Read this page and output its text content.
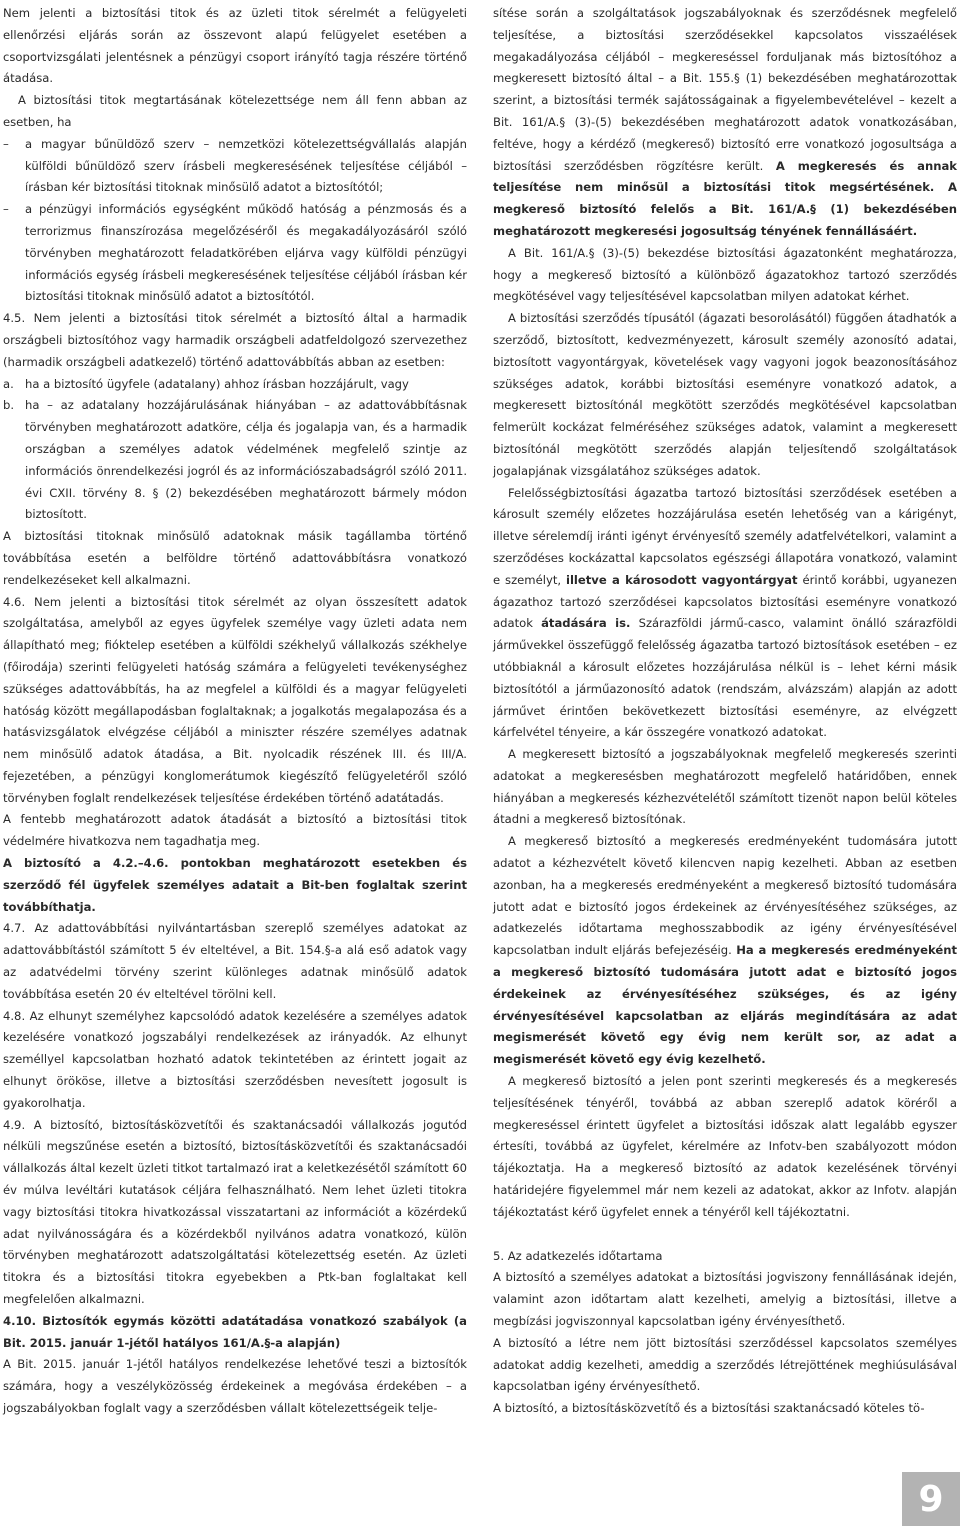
Nem jelenti a biztosítási titok és az üzleti titok sérelmét a felügyeleti ellenőrzési eljárás során az összevont alapú felügyelet esetében a csoportvizsgálati jelentésnek a pénzügyi csoport irányító tagja részére történő átadása.

A biztosítási titok megtartásának kötelezettsége nem áll fenn abban az esetben, ha

– a magyar bűnüldöző szerv – nemzetközi kötelezettségvállalás alapján külföldi bűnüldöző szerv írásbeli megkeresésének teljesítése céljából – írásban kér biztosítási titoknak minősülő adatot a biztosítótól;

– a pénzügyi információs egységként működő hatóság a pénzmosás és a terrorizmus finanszírozása megelőzéséről és megakadályozásáról szóló törvényben meghatározott feladatkörében eljárva vagy külföldi pénzügyi információs egység írásbeli megkeresésének teljesítése céljából írásban kér biztosítási titoknak minősülő adatot a biztosítótól.

4.5. Nem jelenti a biztosítási titok sérelmét a biztosító által a harmadik országbeli biztosítóhoz vagy harmadik országbeli adatfeldolgozó szervezethez (harmadik országbeli adatkezelő) történő adattovábbítás abban az esetben:

a. ha a biztosító ügyfele (adatalany) ahhoz írásban hozzájárult, vagy

b. ha – az adatalany hozzájárulásának hiányában – az adattovábbításnak törvényben meghatározott adatköre, célja és jogalapja van, és a harmadik országban a személyes adatok védelmének megfelelő szintje az információs önrendelkezési jogról és az információszabadságról szóló 2011. évi CXII. törvény 8. § (2) bekezdésében meghatározott bármely módon biztosított.

A biztosítási titoknak minősülő adatoknak másik tagállamba történő továbbítása esetén a belföldre történő adattovábbításra vonatkozó rendelkezéseket kell alkalmazni.

4.6. Nem jelenti a biztosítási titok sérelmét az olyan összesített adatok szolgáltatása, amelyből az egyes ügyfelek személye vagy üzleti adata nem állapítható meg; fióktelep esetében a külföldi székhelyű vállalkozás székhelye (főirodája) szerinti felügyeleti hatóság számára a felügyeleti tevékenységhez szükséges adattovábbítás, ha az megfelel a külföldi és a magyar felügyeleti hatóság között megállapodásban foglaltaknak; a jogalkotás megalapozása és a hatásvizsgálatok elvégzése céljából a miniszter részére személyes adatnak nem minősülő adatok átadása, a Bit. nyolcadik részének III. és III/A. fejezetében, a pénzügyi konglomerátumok kiegészítő felügyeletéről szóló törvényben foglalt rendelkezések teljesítése érdekében történő adatátadás.

A fentebb meghatározott adatok átadását a biztosító a biztosítási titok védelmére hivatkozva nem tagadhatja meg.

A biztosító a 4.2.–4.6. pontokban meghatározott esetekben és szerződő fél ügyfelek személyes adatait a Bit-ben foglaltak szerint továbbíthatja.

4.7. Az adattovábbítási nyilvántartásban szereplő személyes adatokat az adattovábbítástól számított 5 év elteltével, a Bit. 154.§-a alá eső adatok vagy az adatvédelmi törvény szerint különleges adatnak minősülő adatok továbbítása esetén 20 év elteltével törölni kell.

4.8. Az elhunyt személyhez kapcsolódó adatok kezelésére a személyes adatok kezelésére vonatkozó jogszabályi rendelkezések az irányadók. Az elhunyt személlyel kapcsolatban hozható adatok tekintetében az érintett jogait az elhunyt örököse, illetve a biztosítási szerződésben nevesített jogosult is gyakorolhatja.

4.9. A biztosító, biztosításközvetítői és szaktanácsadói vállalkozás jogutód nélküli megszűnése esetén a biztosító, biztosításközvetítői és szaktanácsadói vállalkozás által kezelt üzleti titkot tartalmazó irat a keletkezésétől számított 60 év múlva levéltári kutatások céljára felhasználható. Nem lehet üzleti titokra vagy biztosítási titokra hivatkozással visszatartani az információt a közérdekű adat nyilvánosságára és a közérdekből nyilvános adatra vonatkozó, külön törvényben meghatározott adatszolgáltatási kötelezettség esetén. Az üzleti titokra és a biztosítási titokra egyebekben a Ptk-ban foglaltakat kell megfelelően alkalmazni.

4.10. Biztosítók egymás közötti adatátadása vonatkozó szabályok (a Bit. 2015. január 1-jétől hatályos 161/A.§-a alapján)

A Bit. 2015. január 1-jétől hatályos rendelkezése lehetővé teszi a biztosítók számára, hogy a veszélyközösség érdekeinek a megóvása érdekében – a jogszabályokban foglalt vagy a szerződésben vállalt kötelezettségeik telje-

sítése során a szolgáltatások jogszabályoknak és szerződésnek megfelelő teljesítése, a biztosítási szerződésekkel kapcsolatos visszaélések megakadályozása céljából – megkereséssel forduljanak más biztosítóhoz a megkeresett biztosító által – a Bit. 155.§ (1) bekezdésében meghatározottak szerint, a biztosítási termék sajátosságainak a figyelembevételével – kezelt a Bit. 161/A.§ (3)-(5) bekezdésében meghatározott adatok vonatkozásában, feltéve, hogy a kérdéző (megkereső) biztosító erre vonatkozó jogosultsága a biztosítási szerződésben rögzítésre került. A megkeresés és annak teljesítése nem minősül a biztosítási titok megsértésének. A megkereső biztosító felelős a Bit. 161/A.§ (1) bekezdésében meghatározott megkeresési jogosultság tényének fennállásáért.

A Bit. 161/A.§ (3)-(5) bekezdése biztosítási ágazatonként meghatározza, hogy a megkereső biztosító a különböző ágazatokhoz tartozó szerződés megkötésével vagy teljesítésével kapcsolatban milyen adatokat kérhet.

A biztosítási szerződés típusától (ágazati besorolásától) függően átadhatók a szerződő, biztosított, kedvezményezett, károsult személy azonosító adatai, biztosított vagyontárgyak, követelések vagy vagyoni jogok beazonosításához szükséges adatok, korábbi biztosítási eseményre vonatkozó adatok, a megkeresett biztosítónál megkötött szerződés megkötésével kapcsolatban felmerült kockázat felméréséhez szükséges adatok, valamint a megkeresett biztosítónál megkötött szerződés alapján teljesítendő szolgáltatások jogalapjának vizsgálatához szükséges adatok.

Felelősségbiztosítási ágazatba tartozó biztosítási szerződések esetében a károsult személy előzetes hozzájárulása esetén lehetőség van a kárigényt, illetve sérelemdíj iránti igényt érvényesítő személy adatfelvételkori, valamint a szerződéses kockázattal kapcsolatos egészségi állapotára vonatkozó, valamint e személyt, illetve a károsodott vagyontárgyat érintő korábbi, ugyanezen ágazathoz tartozó szerződései kapcsolatos biztosítási eseményre vonatkozó adatok átadására is. Szárazföldi jármű-casco, valamint önálló szárazföldi járművekkel összefüggő felelősség ágazatba tartozó biztosítások esetében – ez utóbbiaknál a károsult előzetes hozzájárulása nélkül is – lehet kérni másik biztosítótól a járműazonosító adatok (rendszám, alvázszám) alapján az adott járművet érintően bekövetkezett biztosítási eseményre, az elvégzett kárfelvétel tényeire, a kár összegére vonatkozó adatokat.

A megkeresett biztosító a jogszabályoknak megfelelő megkeresés szerinti adatokat a megkeresésben meghatározott megfelelő határidőben, ennek hiányában a megkeresés kézhezvételétől számított tizenöt napon belül köteles átadni a megkereső biztosítónak.

A megkereső biztosító a megkeresés eredményeként tudomására jutott adatot a kézhezvételt követő kilencven napig kezelheti. Abban az esetben azonban, ha a megkeresés eredményeként a megkereső biztosító tudomására jutott adat e biztosító jogos érdekeinek az érvényesítéséhez szükséges, az adatkezelés időtartama meghosszabbodik az igény érvényesítésével kapcsolatban indult eljárás befejezéséig. Ha a megkeresés eredményeként a megkereső biztosító tudomására jutott adat e biztosító jogos érdekeinek az érvényesítéséhez szükséges, és az igény érvényesítésével kapcsolatban az eljárás megindítására az adat megismerését követő egy évig nem került sor, az adat a megismerését követő egy évig kezelhető.

A megkereső biztosító a jelen pont szerinti megkeresés és a megkeresés teljesítésének tényéről, továbbá az abban szereplő adatok köréről a megkereséssel érintett ügyfelet a biztosítási időszak alatt legalább egyszer értesíti, továbbá az ügyfelet, kérelmére az Infotv-ben szabályozott módon tájékoztatja. Ha a megkereső biztosító az adatok kezelésének törvényi határidejére figyelemmel már nem kezeli az adatokat, akkor az Infotv. alapján tájékoztatást kérő ügyfelet ennek a tényéről kell tájékoztatni.

5. Az adatkezelés időtartama

A biztosító a személyes adatokat a biztosítási jogviszony fennállásának idején, valamint azon időtartam alatt kezelheti, amelyig a biztosítási, illetve a megbízási jogviszonnyal kapcsolatban igény érvényesíthető.

A biztosító a létre nem jött biztosítási szerződéssel kapcsolatos személyes adatokat addig kezelheti, ameddig a szerződés létrejöttének meghiúsulásával kapcsolatban igény érvényesíthető.

A biztosító, a biztosításközvetítő és a biztosítási szaktanácsadó köteles tö-

9
